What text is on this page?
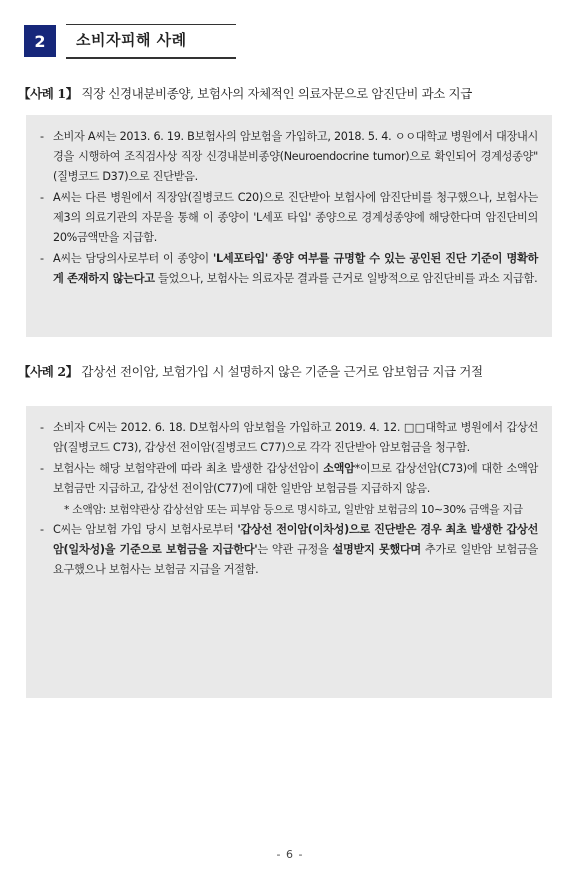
2	소비자피해 사례
【사례 1】 직장 신경내분비종양, 보험사의 자체적인 의료자문으로 암진단비 과소 지급
- 소비자 A씨는 2013. 6. 19. B보험사의 암보험을 가입하고, 2018. 5. 4. ㅇㅇ대학교 병원에서 대장내시경을 시행하여 조직검사상 직장 신경내분비종양(Neuroendocrine tumor)으로 확인되어 경계성종양"(질병코드 D37)으로 진단받음.
- A씨는 다른 병원에서 직장암(질병코드 C20)으로 진단받아 보험사에 암진단비를 청구했으나, 보험사는 제3의 의료기관의 자문을 통해 이 종양이 'L세포 타입' 종양으로 경계성종양에 해당한다며 암진단비의 20%금액만을 지급함.
- A씨는 담당의사로부터 이 종양이 'L세포타입' 종양 여부를 규명할 수 있는 공인된 진단 기준이 명확하게 존재하지 않는다고 들었으나, 보험사는 의료자문 결과를 근거로 일방적으로 암진단비를 과소 지급함.
【사례 2】 갑상선 전이암, 보험가입 시 설명하지 않은 기준을 근거로 암보험금 지급 거절
- 소비자 C씨는 2012. 6. 18. D보험사의 암보험을 가입하고 2019. 4. 12. □□대학교 병원에서 갑상선암(질병코드 C73), 갑상선 전이암(질병코드 C77)으로 각각 진단받아 암보험금을 청구함.
- 보험사는 해당 보험약관에 따라 최초 발생한 갑상선암이 소액암*이므로 갑상선암(C73)에 대한 소액암 보험금만 지급하고, 갑상선 전이암(C77)에 대한 일반암 보험금를 지급하지 않음.
* 소액암: 보험약관상 갑상선암 또는 피부암 등으로 명시하고, 일반암 보험금의 10∼30% 금액을 지급
- C씨는 암보험 가입 당시 보험사로부터 '갑상선 전이암(이차성)으로 진단받은 경우 최초 발생한 갑상선암(일차성)을 기준으로 보험금을 지급한다'는 약관 규정을 설명받지 못했다며 추가로 일반암 보험금을 요구했으나 보험사는 보험금 지급을 거절함.
- 6 -
